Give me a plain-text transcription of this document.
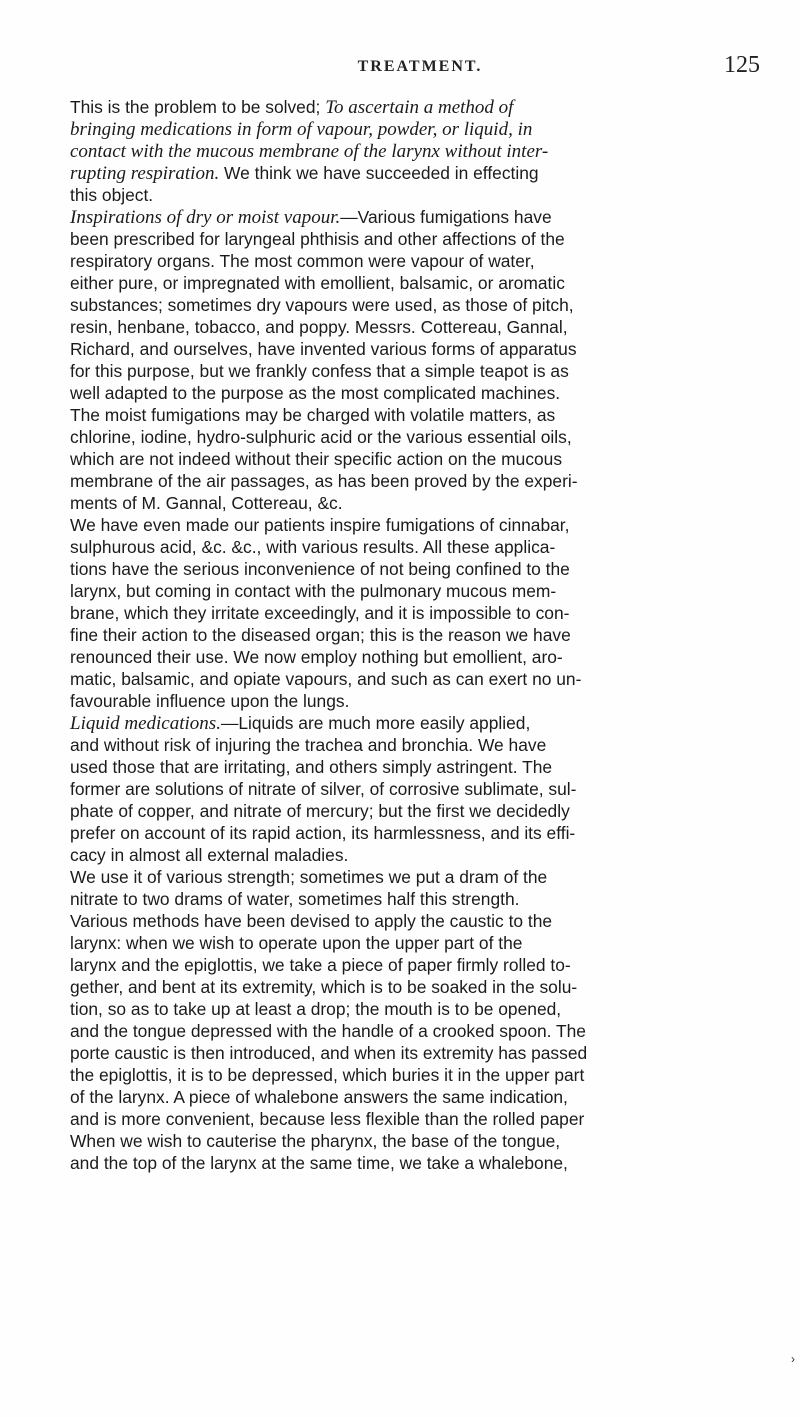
TREATMENT.	125
This is the problem to be solved; To ascertain a method of
bringing medications in form of vapour, powder, or liquid, in
contact with the mucous membrane of the larynx without inter-
rupting respiration. We think we have succeeded in effecting
this object.
Inspirations of dry or moist vapour.—Various fumigations have
been prescribed for laryngeal phthisis and other affections of the
respiratory organs. The most common were vapour of water,
either pure, or impregnated with emollient, balsamic, or aromatic
substances; sometimes dry vapours were used, as those of pitch,
resin, henbane, tobacco, and poppy. Messrs. Cottereau, Gannal,
Richard, and ourselves, have invented various forms of apparatus
for this purpose, but we frankly confess that a simple teapot is as
well adapted to the purpose as the most complicated machines.
The moist fumigations may be charged with volatile matters, as
chlorine, iodine, hydro-sulphuric acid or the various essential oils,
which are not indeed without their specific action on the mucous
membrane of the air passages, as has been proved by the experi-
ments of M. Gannal, Cottereau, &c.
We have even made our patients inspire fumigations of cinnabar,
sulphurous acid, &c. &c., with various results. All these applica-
tions have the serious inconvenience of not being confined to the
larynx, but coming in contact with the pulmonary mucous mem-
brane, which they irritate exceedingly, and it is impossible to con-
fine their action to the diseased organ; this is the reason we have
renounced their use. We now employ nothing but emollient, aro-
matic, balsamic, and opiate vapours, and such as can exert no un-
favourable influence upon the lungs.
Liquid medications.—Liquids are much more easily applied,
and without risk of injuring the trachea and bronchia. We have
used those that are irritating, and others simply astringent. The
former are solutions of nitrate of silver, of corrosive sublimate, sul-
phate of copper, and nitrate of mercury; but the first we decidedly
prefer on account of its rapid action, its harmlessness, and its effi-
cacy in almost all external maladies.
We use it of various strength; sometimes we put a dram of the
nitrate to two drams of water, sometimes half this strength.
Various methods have been devised to apply the caustic to the
larynx: when we wish to operate upon the upper part of the
larynx and the epiglottis, we take a piece of paper firmly rolled to-
gether, and bent at its extremity, which is to be soaked in the solu-
tion, so as to take up at least a drop; the mouth is to be opened,
and the tongue depressed with the handle of a crooked spoon. The
porte caustic is then introduced, and when its extremity has passed
the epiglottis, it is to be depressed, which buries it in the upper part
of the larynx. A piece of whalebone answers the same indication,
and is more convenient, because less flexible than the rolled paper
When we wish to cauterise the pharynx, the base of the tongue,
and the top of the larynx at the same time, we take a whalebone,
›
